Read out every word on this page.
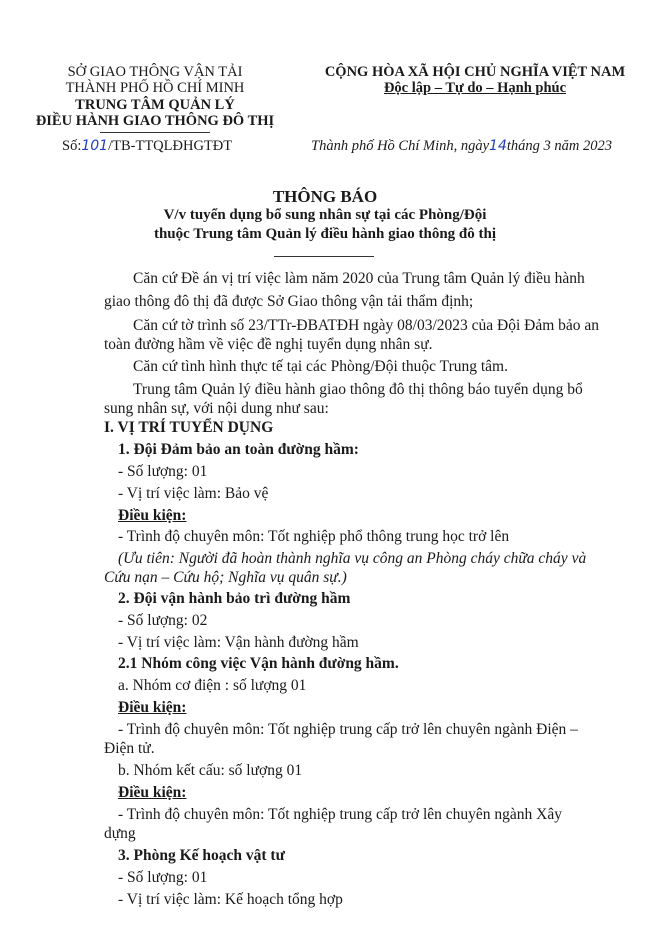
SỞ GIAO THÔNG VẬN TẢI
THÀNH PHỐ HỒ CHÍ MINH
TRUNG TÂM QUẢN LÝ
ĐIỀU HÀNH GIAO THÔNG ĐÔ THỊ
Số:101/TB-TTQLĐHGTĐT
CỘNG HÒA XÃ HỘI CHỦ NGHĨA VIỆT NAM
Độc lập – Tự do – Hạnh phúc
Thành phố Hồ Chí Minh, ngày14tháng 3 năm 2023
THÔNG BÁO
V/v tuyển dụng bổ sung nhân sự tại các Phòng/Đội
thuộc Trung tâm Quản lý điều hành giao thông đô thị
Căn cứ Đề án vị trí việc làm năm 2020 của Trung tâm Quản lý điều hành
giao thông đô thị đã được Sở Giao thông vận tải thẩm định;
Căn cứ tờ trình số 23/TTr-ĐBATĐH ngày 08/03/2023 của Đội Đảm bảo an
toàn đường hầm về việc đề nghị tuyển dụng nhân sự.
Căn cứ tình hình thực tế tại các Phòng/Đội thuộc Trung tâm.
Trung tâm Quản lý điều hành giao thông đô thị thông báo tuyển dụng bổ
sung nhân sự, với nội dung như sau:
I. VỊ TRÍ TUYỂN DỤNG
1. Đội Đảm bảo an toàn đường hầm:
- Số lượng: 01
- Vị trí việc làm: Bảo vệ
Điều kiện:
- Trình độ chuyên môn: Tốt nghiệp phổ thông trung học trở lên
(Ưu tiên: Người đã hoàn thành nghĩa vụ công an Phòng cháy chữa cháy và
Cứu nạn – Cứu hộ; Nghĩa vụ quân sự.)
2. Đội vận hành bảo trì đường hầm
- Số lượng: 02
- Vị trí việc làm: Vận hành đường hầm
2.1 Nhóm công việc Vận hành đường hầm.
a. Nhóm cơ điện : số lượng 01
Điều kiện:
- Trình độ chuyên môn: Tốt nghiệp trung cấp trở lên chuyên ngành Điện –
Điện tử.
b. Nhóm kết cấu: số lượng 01
Điều kiện:
- Trình độ chuyên môn: Tốt nghiệp trung cấp trở lên chuyên ngành Xây
dựng
3. Phòng Kế hoạch vật tư
- Số lượng: 01
- Vị trí việc làm: Kế hoạch tổng hợp
